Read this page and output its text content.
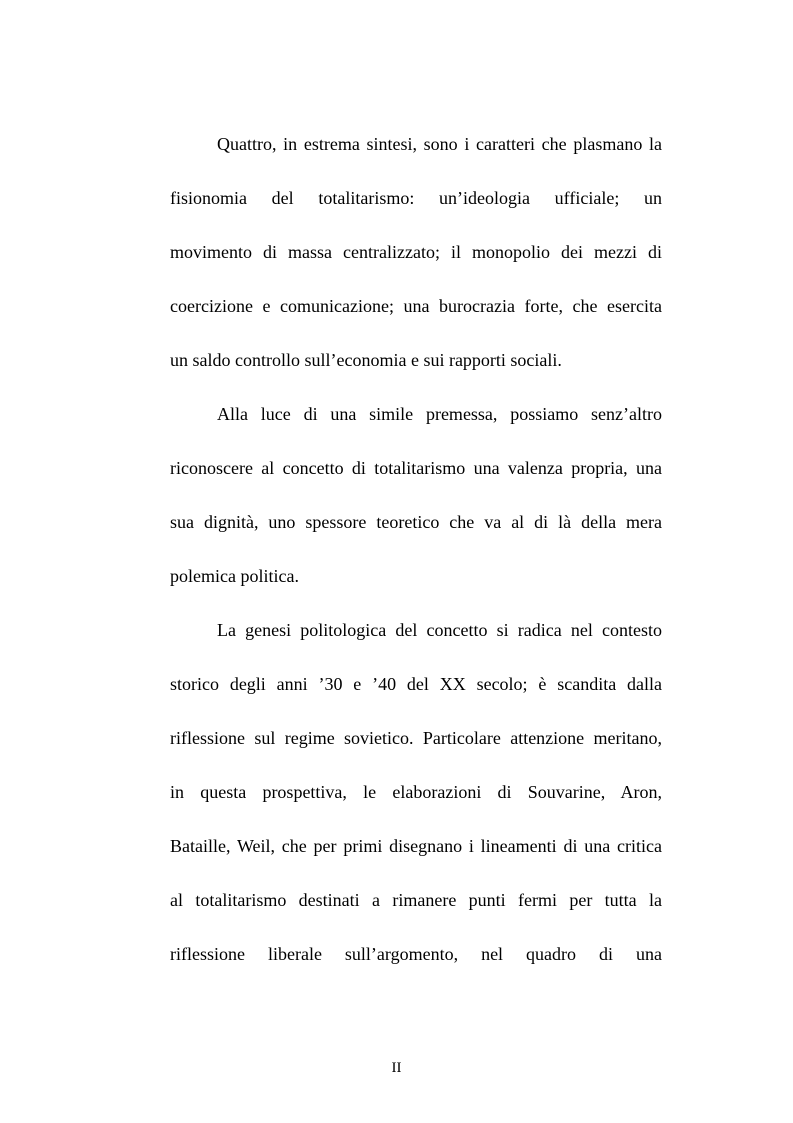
Quattro, in estrema sintesi, sono i caratteri che plasmano la
fisionomia del totalitarismo: un’ideologia ufficiale; un
movimento di massa centralizzato; il monopolio dei mezzi di
coercizione e comunicazione; una burocrazia forte, che esercita
un saldo controllo sull’economia e sui rapporti sociali.
Alla luce di una simile premessa, possiamo senz’altro
riconoscere al concetto di totalitarismo una valenza propria, una
sua dignità, uno spessore teoretico che va al di là della mera
polemica politica.
La genesi politologica del concetto si radica nel contesto
storico degli anni ’30 e ’40 del XX secolo; è scandita dalla
riflessione sul regime sovietico. Particolare attenzione meritano,
in questa prospettiva, le elaborazioni di Souvarine, Aron,
Bataille, Weil, che per primi disegnano i lineamenti di una critica
al totalitarismo destinati a rimanere punti fermi per tutta la
riflessione liberale sull’argomento, nel quadro di una
II
